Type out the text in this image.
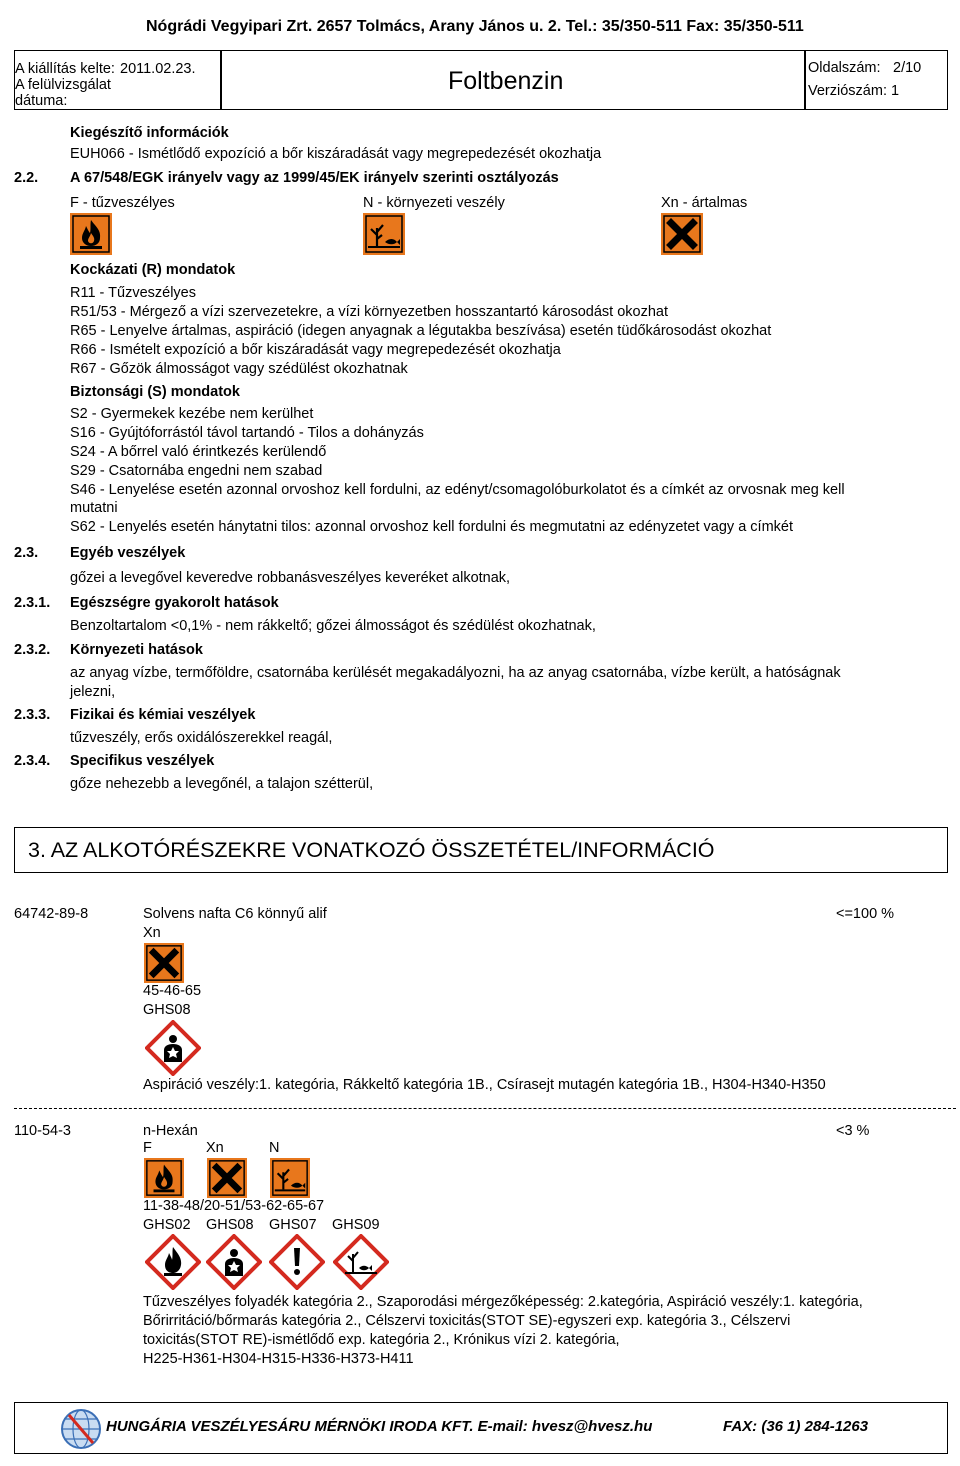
Nógrádi Vegyipari Zrt. 2657 Tolmács, Arany János u. 2. Tel.: 35/350-511 Fax: 35/350-511
A kiállítás kelte: 2011.02.23.
A felülvizsgálat
dátuma:
Foltbenzin	Oldalszám: 2/10
Verziószám: 1
Kiegészítő információk
EUH066 - Ismétlődő expozíció a bőr kiszáradását vagy megrepedezését okozhatja
2.2. A 67/548/EGK irányelv vagy az 1999/45/EK irányelv szerinti osztályozás
F - tűzveszélyes	N - környezeti veszély	Xn - ártalmas
Kockázati (R) mondatok
R11 - Tűzveszélyes
R51/53 - Mérgező a vízi szervezetekre, a vízi környezetben hosszantartó károsodást okozhat
R65 - Lenyelve ártalmas, aspiráció (idegen anyagnak a légutakba beszívása) esetén tüdőkárosodást okozhat
R66 - Ismételt expozíció a bőr kiszáradását vagy megrepedezését okozhatja
R67 - Gőzök álmosságot vagy szédülést okozhatnak
Biztonsági (S) mondatok
S2 - Gyermekek kezébe nem kerülhet
S16 - Gyújtóforrástól távol tartandó - Tilos a dohányzás
S24 - A bőrrel való érintkezés kerülendő
S29 - Csatornába engedni nem szabad
S46 - Lenyelése esetén azonnal orvoshoz kell fordulni, az edényt/csomagolóburkolatot és a címkét az orvosnak meg kell
mutatni
S62 - Lenyelés esetén hánytatni tilos: azonnal orvoshoz kell fordulni és megmutatni az edényzetet vagy a címkét
2.3. Egyéb veszélyek
gőzei a levegővel keveredve robbanásveszélyes keveréket alkotnak,
2.3.1. Egészségre gyakorolt hatások
Benzoltartalom <0,1% - nem rákkeltő; gőzei álmosságot és szédülést okozhatnak,
2.3.2. Környezeti hatások
az anyag vízbe, termőföldre, csatornába kerülését megakadályozni, ha az anyag csatornába, vízbe került, a hatóságnak
jelezni,
2.3.3. Fizikai és kémiai veszélyek
tűzveszély, erős oxidálószerekkel reagál,
2.3.4. Specifikus veszélyek
gőze nehezebb a levegőnél, a talajon szétterül,
3. AZ ALKOTÓRÉSZEKRE VONATKOZÓ ÖSSZETÉTEL/INFORMÁCIÓ
64742-89-8	Solvens nafta C6 könnyű alif	<=100 %
Xn
45-46-65
GHS08
Aspiráció veszély:1. kategória, Rákkeltő kategória 1B., Csírasejt mutagén kategória 1B., H304-H340-H350
110-54-3	n-Hexán	<3 %
F	Xn	N
11-38-48/20-51/53-62-65-67
GHS02 GHS08 GHS07 GHS09
Tűzveszélyes folyadék kategória 2., Szaporodási mérgezőképesség: 2.kategória, Aspiráció veszély:1. kategória,
Bőrirritáció/bőrmarás kategória 2., Célszervi toxicitás(STOT SE)-egyszeri exp. kategória 3., Célszervi
toxicitás(STOT RE)-ismétlődő exp. kategória 2., Krónikus vízi 2. kategória,
H225-H361-H304-H315-H336-H373-H411
HUNGÁRIA VESZÉLYESÁRU MÉRNÖKI IRODA KFT. E-mail: hvesz@hvesz.hu	FAX: (36 1) 284-1263
